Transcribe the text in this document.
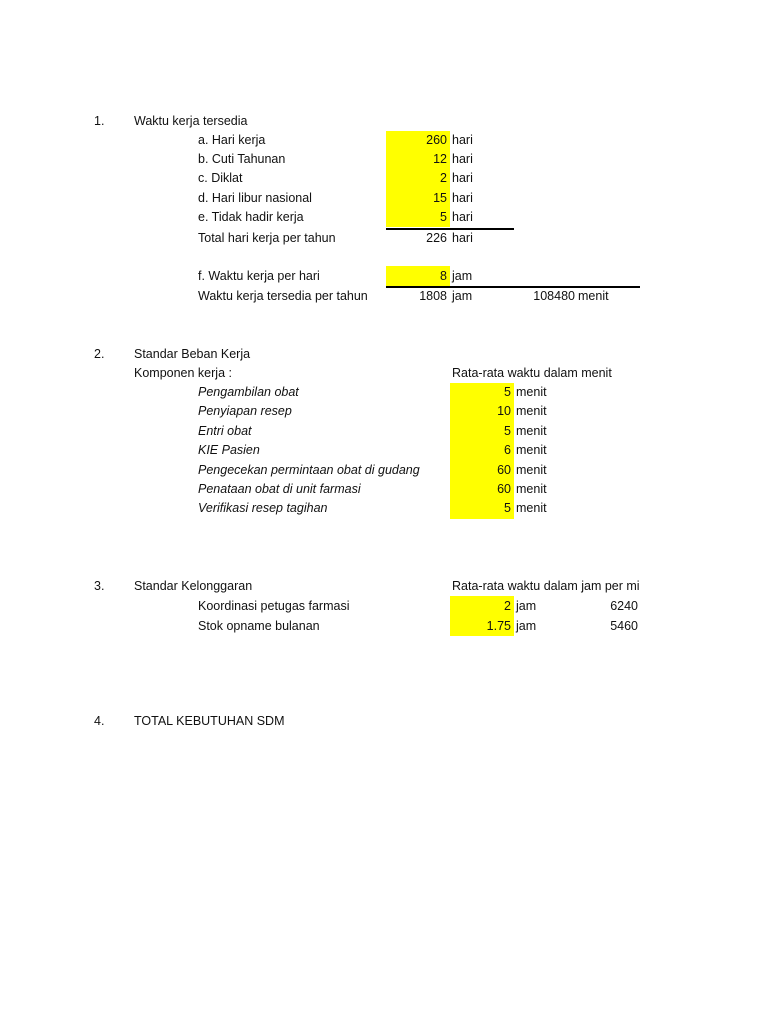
1. Waktu kerja tersedia
a. Hari kerja	260 hari
b. Cuti Tahunan	12 hari
c. Diklat	2 hari
d. Hari libur nasional	15 hari
e. Tidak hadir kerja	5 hari
Total hari kerja per tahun	226 hari
f. Waktu kerja per hari	8 jam
Waktu kerja tersedia per tahun	1808 jam	108480 menit
2. Standar Beban Kerja
Komponen kerja :	Rata-rata waktu dalam menit
Pengambilan obat	5 menit
Penyiapan resep	10 menit
Entri obat	5 menit
KIE Pasien	6 menit
Pengecekan permintaan obat di gudang	60 menit
Penataan obat di unit farmasi	60 menit
Verifikasi resep tagihan	5 menit
3. Standar Kelonggaran	Rata-rata waktu dalam jam per mi
Koordinasi petugas farmasi	2 jam	6240
Stok opname bulanan	1.75 jam	5460
4. TOTAL KEBUTUHAN SDM
